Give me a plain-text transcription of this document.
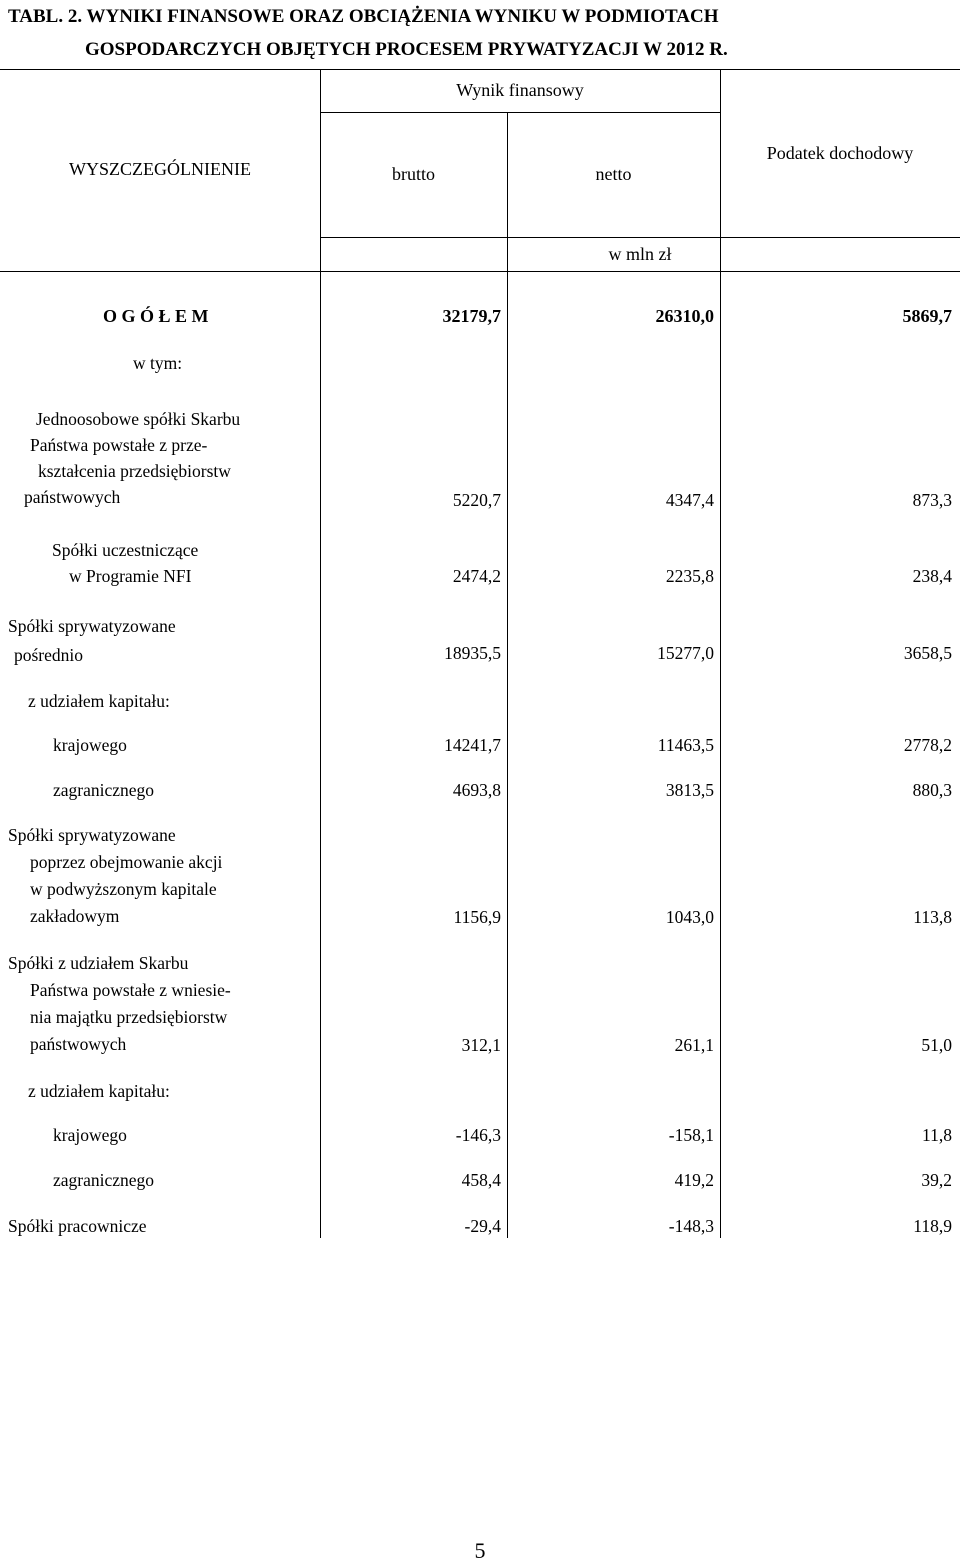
TABL. 2. WYNIKI FINANSOWE ORAZ OBCIĄŻENIA WYNIKU W PODMIOTACH
GOSPODARCZYCH OBJĘTYCH PROCESEM PRYWATYZACJI W 2012 R.
Wynik finansowy
WYSZCZEGÓLNIENIE	brutto	netto
Podatek dochodowy
w mln zł
O G Ó Ł E M	32179,7	26310,0	5869,7
w tym:
Jednoosobowe spółki Skarbu
Państwa powstałe z prze-
kształcenia przedsiębiorstw
państwowych	5220,7	4347,4	873,3
Spółki uczestniczące
w Programie NFI	2474,2	2235,8	238,4
Spółki sprywatyzowane
pośrednio	18935,5	15277,0	3658,5
z udziałem kapitału:
krajowego	14241,7	11463,5	2778,2
zagranicznego	4693,8	3813,5	880,3
Spółki sprywatyzowane
poprzez obejmowanie akcji
w podwyższonym kapitale
zakładowym	1156,9	1043,0	113,8
Spółki z udziałem Skarbu
Państwa powstałe z wniesie-
nia majątku przedsiębiorstw
państwowych	312,1	261,1	51,0
z udziałem kapitału:
krajowego	-146,3	-158,1	11,8
zagranicznego	458,4	419,2	39,2
Spółki pracownicze	-29,4	-148,3	118,9
5
